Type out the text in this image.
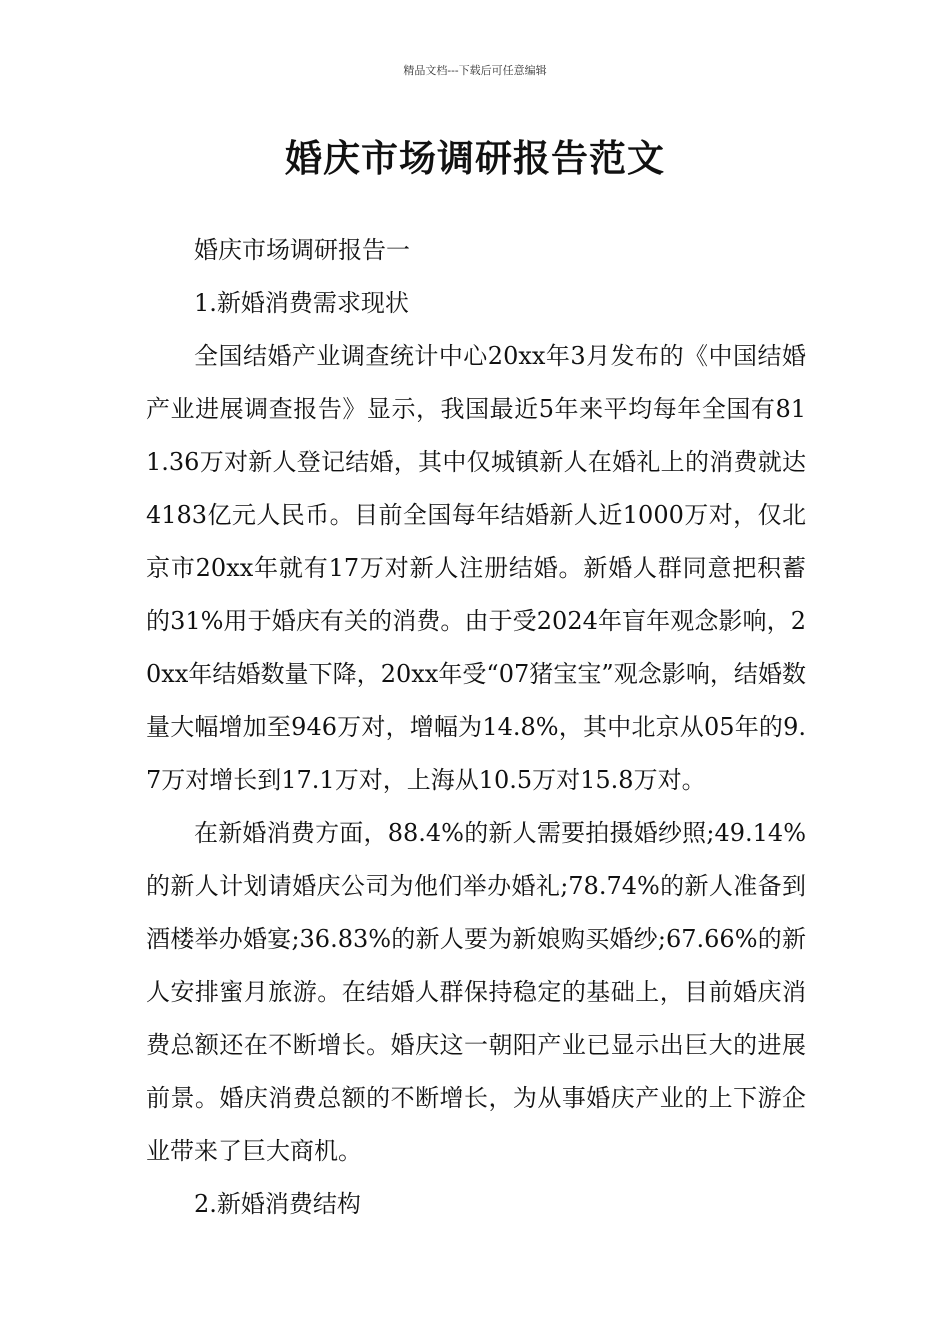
精品文档---下载后可任意编辑
婚庆市场调研报告范文

婚庆市场调研报告一

1.新婚消费需求现状

全国结婚产业调查统计中心20xx年3月发布的《中国结婚产业进展调查报告》显示，我国最近5年来平均每年全国有811.36万对新人登记结婚，其中仅城镇新人在婚礼上的消费就达4183亿元人民币。目前全国每年结婚新人近1000万对，仅北京市20xx年就有17万对新人注册结婚。新婚人群同意把积蓄的31%用于婚庆有关的消费。由于受2024年盲年观念影响，20xx年结婚数量下降，20xx年受“07猪宝宝”观念影响，结婚数量大幅增加至946万对，增幅为14.8%，其中北京从05年的9.7万对增长到17.1万对，上海从10.5万对15.8万对。

在新婚消费方面，88.4%的新人需要拍摄婚纱照;49.14%的新人计划请婚庆公司为他们举办婚礼;78.74%的新人准备到酒楼举办婚宴;36.83%的新人要为新娘购买婚纱;67.66%的新人安排蜜月旅游。在结婚人群保持稳定的基础上，目前婚庆消费总额还在不断增长。婚庆这一朝阳产业已显示出巨大的进展前景。婚庆消费总额的不断增长，为从事婚庆产业的上下游企业带来了巨大商机。

2.新婚消费结构
